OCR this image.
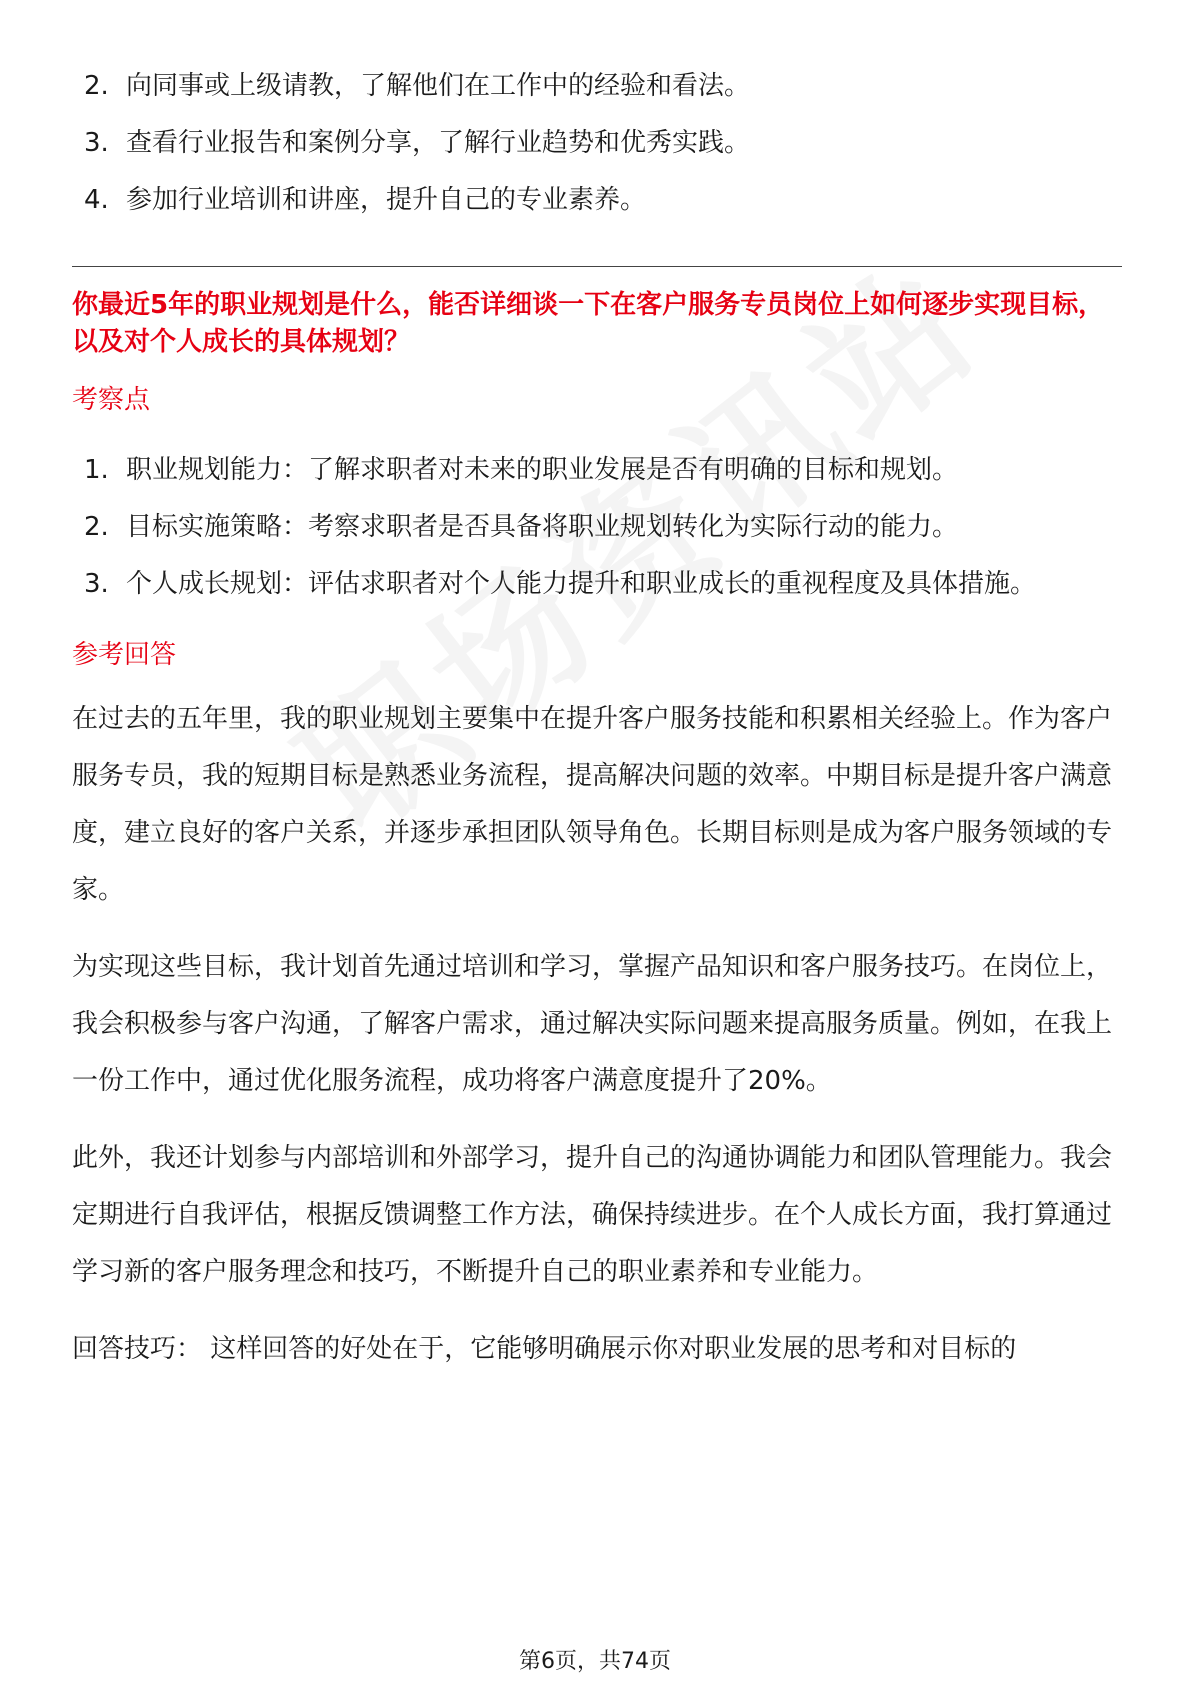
2. 向同事或上级请教，了解他们在工作中的经验和看法。
3. 查看行业报告和案例分享，了解行业趋势和优秀实践。
4. 参加行业培训和讲座，提升自己的专业素养。
你最近5年的职业规划是什么，能否详细谈一下在客户服务专员岗位上如何逐步实现目标，以及对个人成长的具体规划？
考察点
1. 职业规划能力：了解求职者对未来的职业发展是否有明确的目标和规划。
2. 目标实施策略：考察求职者是否具备将职业规划转化为实际行动的能力。
3. 个人成长规划：评估求职者对个人能力提升和职业成长的重视程度及具体措施。
参考回答

在过去的五年里，我的职业规划主要集中在提升客户服务技能和积累相关经验上。作为客户服务专员，我的短期目标是熟悉业务流程，提高解决问题的效率。中期目标是提升客户满意度，建立良好的客户关系，并逐步承担团队领导角色。长期目标则是成为客户服务领域的专家。

为实现这些目标，我计划首先通过培训和学习，掌握产品知识和客户服务技巧。在岗位上，我会积极参与客户沟通，了解客户需求，通过解决实际问题来提高服务质量。例如，在我上一份工作中，通过优化服务流程，成功将客户满意度提升了20%。

此外，我还计划参与内部培训和外部学习，提升自己的沟通协调能力和团队管理能力。我会定期进行自我评估，根据反馈调整工作方法，确保持续进步。在个人成长方面，我打算通过学习新的客户服务理念和技巧，不断提升自己的职业素养和专业能力。

回答技巧： 这样回答的好处在于，它能够明确展示你对职业发展的思考和对目标的

第6页，共74页
